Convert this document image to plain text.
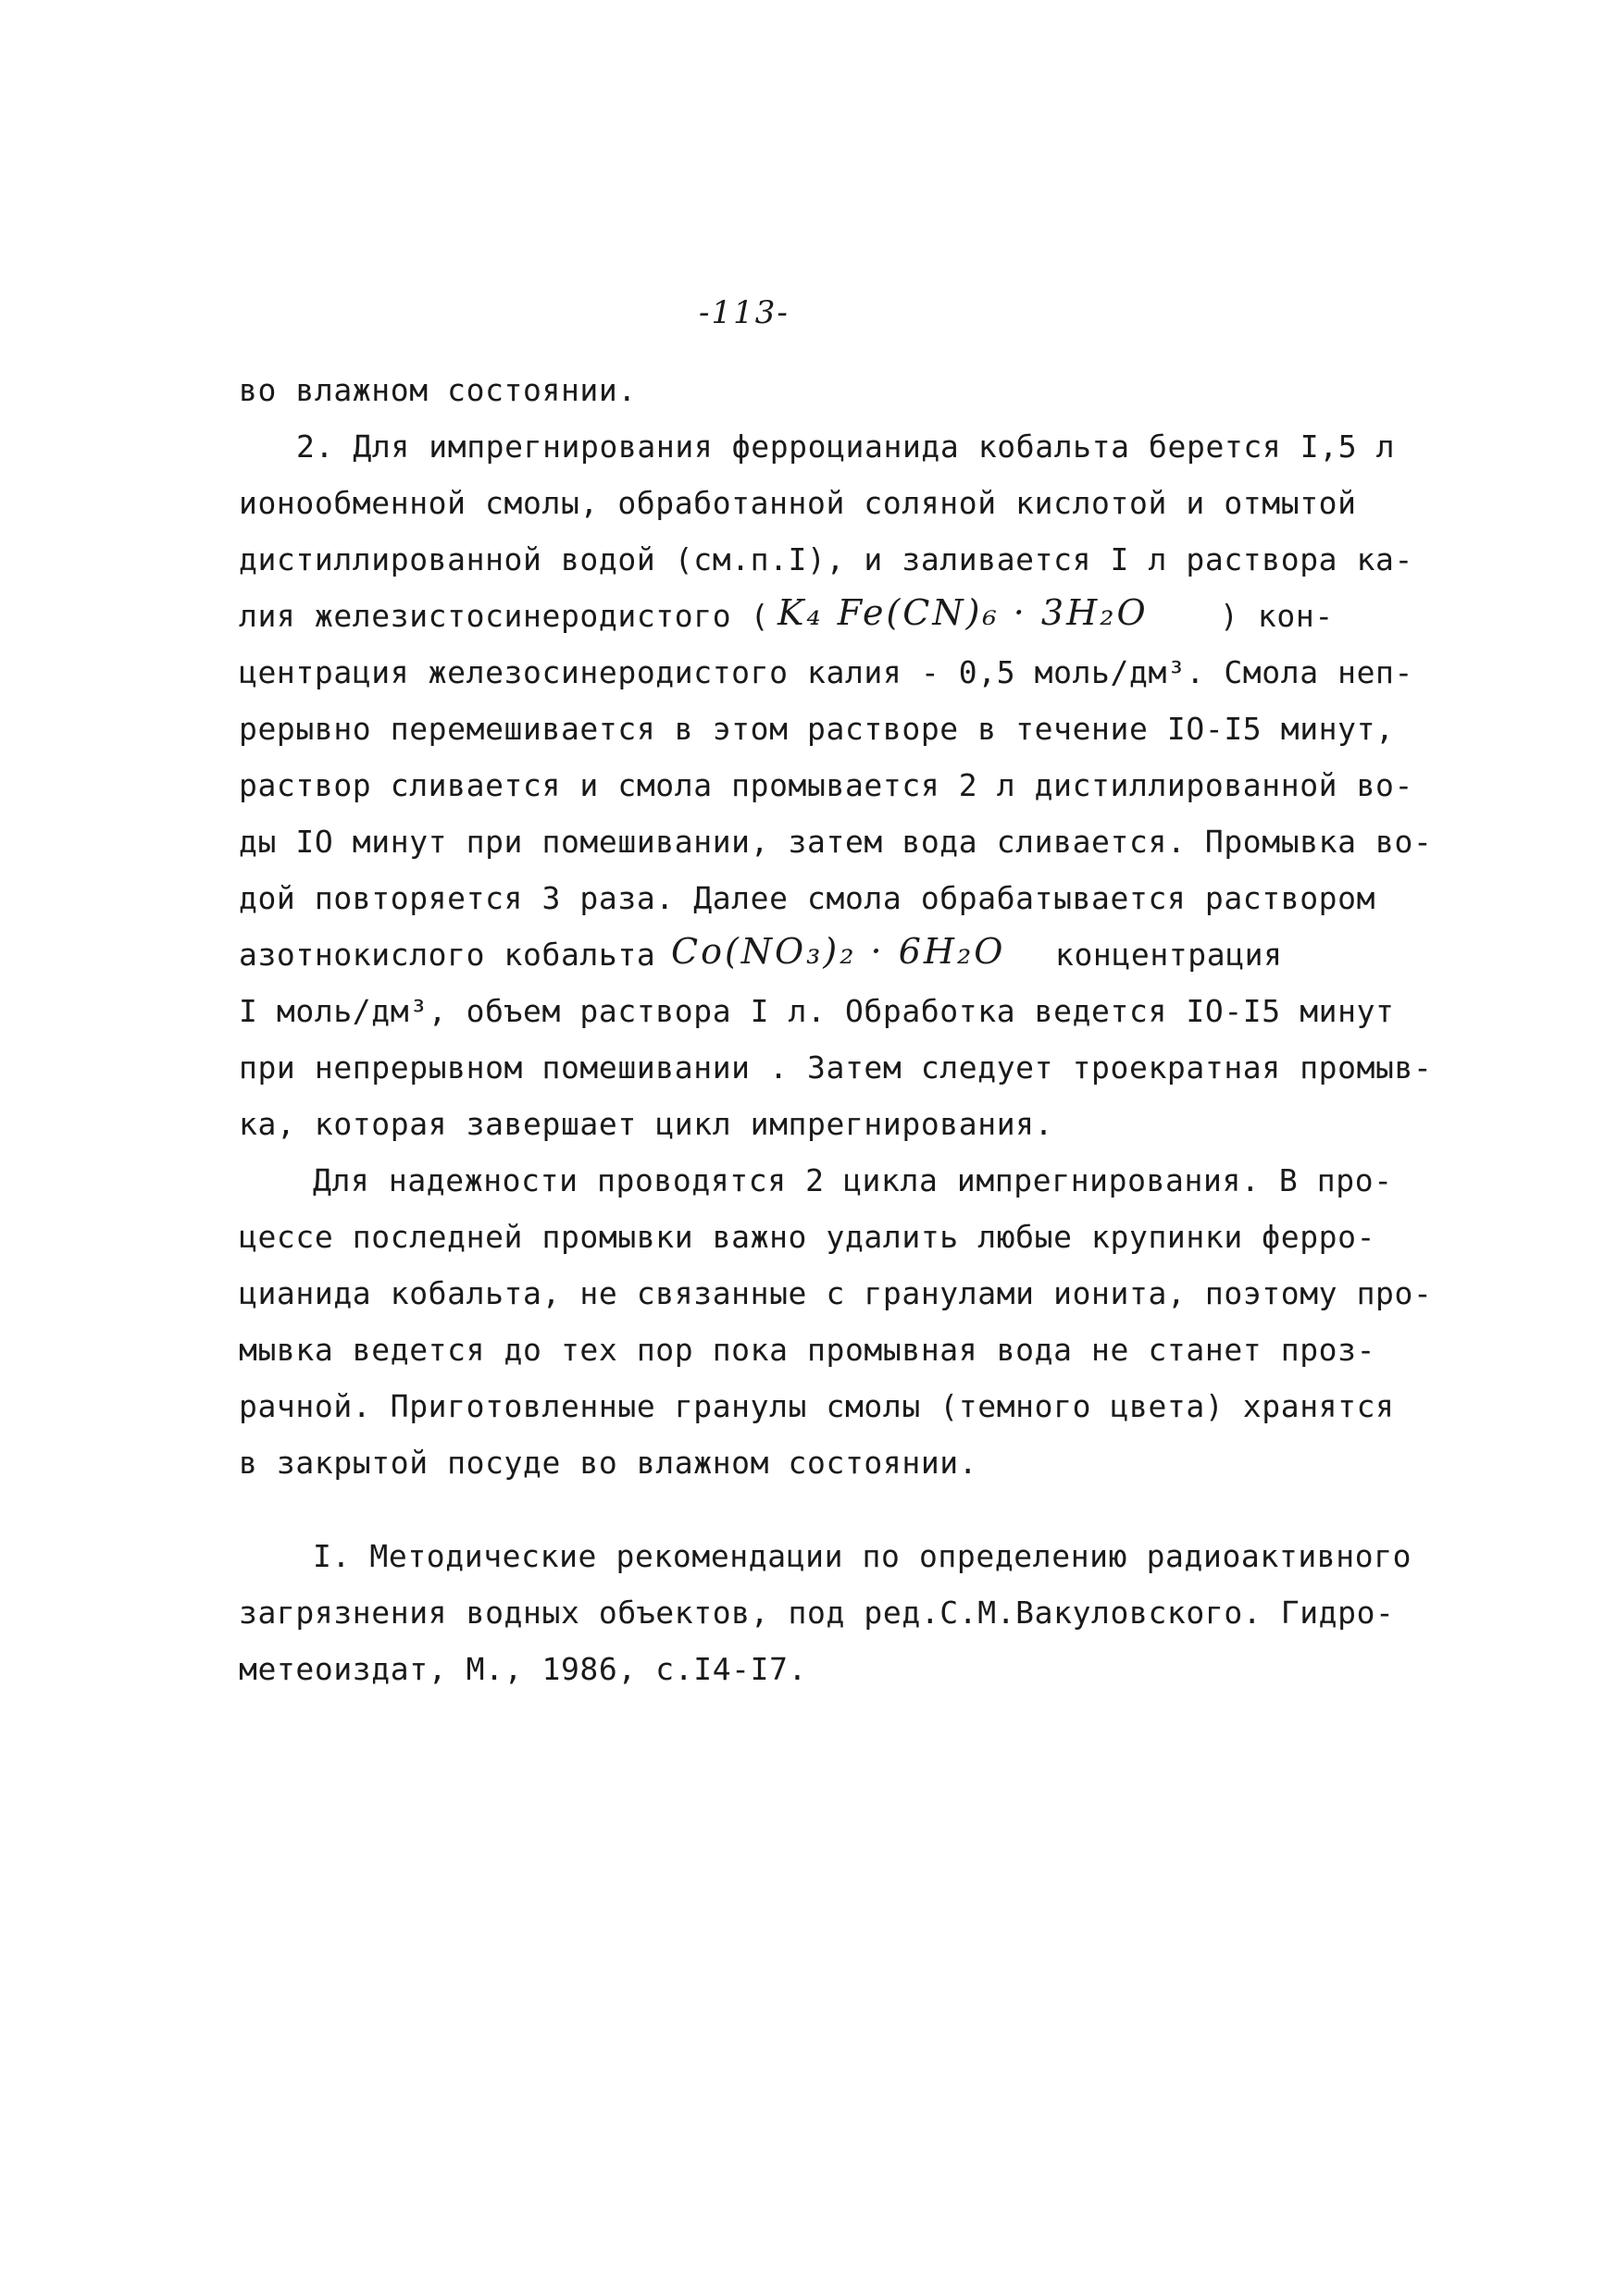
-113-
во влажном состоянии.
2. Для импрегнирования ферроцианида кобальта берется I,5 л
ионообменной смолы, обработанной соляной кислотой и отмытой
дистиллированной водой (см.п.I), и заливается I л раствора ка-
лия железистосинеродистого ( K₄ Fe(CN)₆ · 3H₂O ) кон-
центрация железосинеродистого калия - 0,5 моль/дм³. Смола неп-
рерывно перемешивается в этом растворе в течение IO-I5 минут,
раствор сливается и смола промывается 2 л дистиллированной во-
ды IO минут при помешивании, затем вода сливается. Промывка во-
дой повторяется 3 раза. Далее смола обрабатывается раствором
азотнокислого кобальта Co(NO₃)₂ · 6H₂O концентрация
I моль/дм³, объем раствора I л. Обработка ведется IO-I5 минут
при непрерывном помешивании . Затем следует троекратная промыв-
ка, которая завершает цикл импрегнирования.
Для надежности проводятся 2 цикла импрегнирования. В про-
цессе последней промывки важно удалить любые крупинки ферро-
цианида кобальта, не связанные с гранулами ионита, поэтому про-
мывка ведется до тех пор пока промывная вода не станет проз-
рачной. Приготовленные гранулы смолы (темного цвета) хранятся
в закрытой посуде во влажном состоянии.
I. Методические рекомендации по определению радиоактивного
загрязнения водных объектов, под ред.С.М.Вакуловского. Гидро-
метеоиздат, М., 1986, с.I4-I7.
